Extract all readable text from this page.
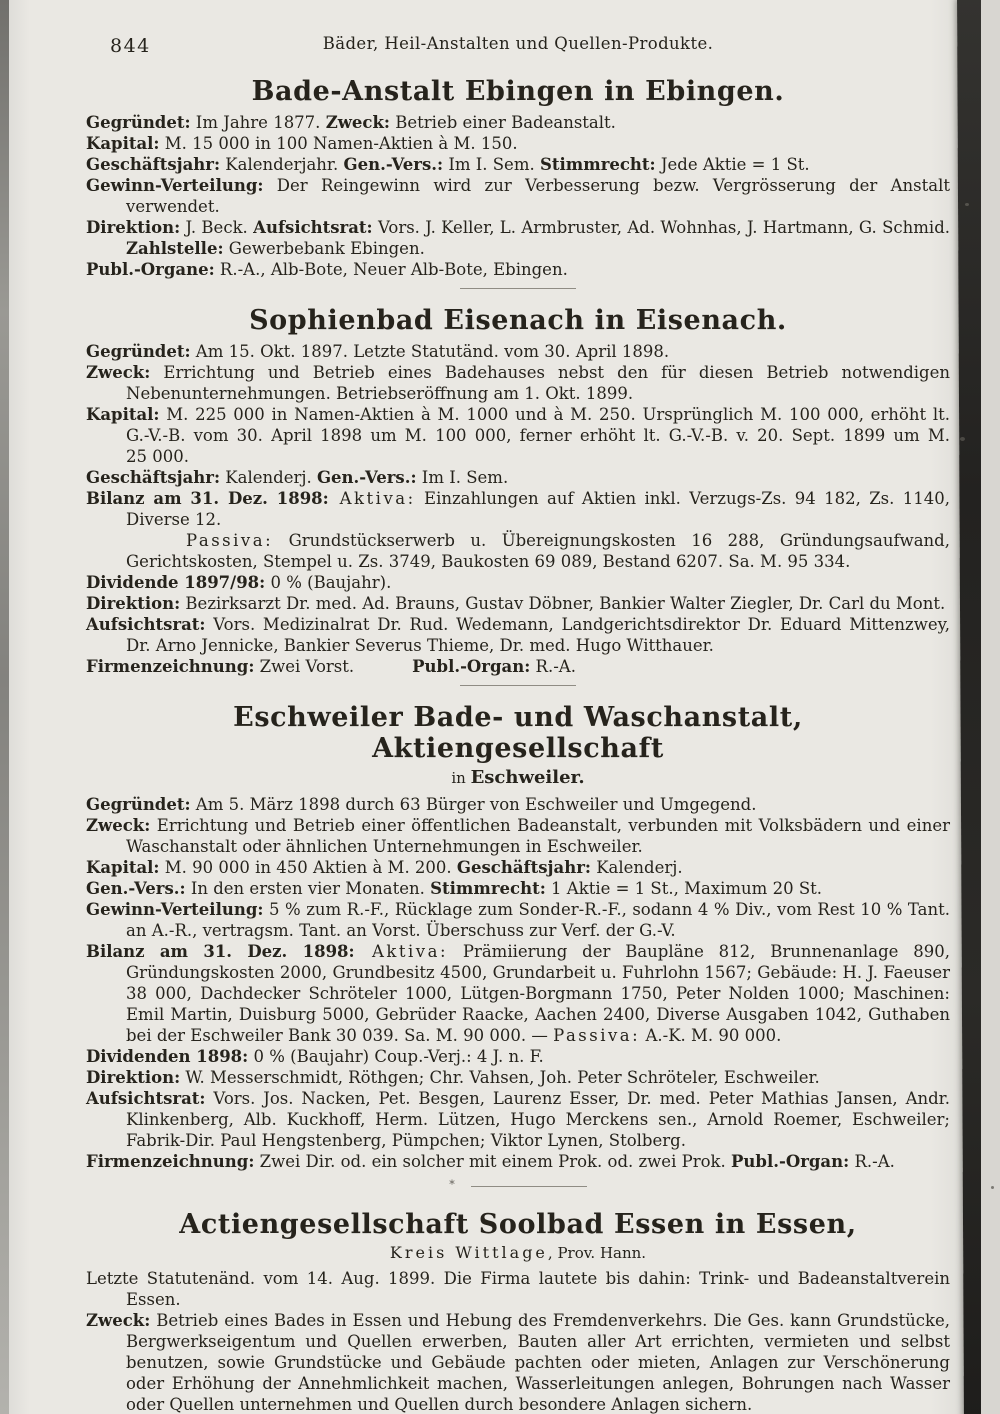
844	Bäder, Heil-Anstalten und Quellen-Produkte.
Bade-Anstalt Ebingen in Ebingen.

Gegründet: Im Jahre 1877. Zweck: Betrieb einer Badeanstalt.

Kapital: M. 15 000 in 100 Namen-Aktien à M. 150.

Geschäftsjahr: Kalenderjahr. Gen.-Vers.: Im I. Sem. Stimmrecht: Jede Aktie = 1 St.

Gewinn-Verteilung: Der Reingewinn wird zur Verbesserung bezw. Vergrösserung der Anstalt verwendet.

Direktion: J. Beck. Aufsichtsrat: Vors. J. Keller, L. Armbruster, Ad. Wohnhas, J. Hartmann, G. Schmid. Zahlstelle: Gewerbebank Ebingen.

Publ.-Organe: R.-A., Alb-Bote, Neuer Alb-Bote, Ebingen.

Sophienbad Eisenach in Eisenach.

Gegründet: Am 15. Okt. 1897. Letzte Statutänd. vom 30. April 1898.

Zweck: Errichtung und Betrieb eines Badehauses nebst den für diesen Betrieb notwendigen Nebenunternehmungen. Betriebseröffnung am 1. Okt. 1899.

Kapital: M. 225 000 in Namen-Aktien à M. 1000 und à M. 250. Ursprünglich M. 100 000, erhöht lt. G.-V.-B. vom 30. April 1898 um M. 100 000, ferner erhöht lt. G.-V.-B. v. 20. Sept. 1899 um M. 25 000.

Geschäftsjahr: Kalenderj. Gen.-Vers.: Im I. Sem.

Bilanz am 31. Dez. 1898: Aktiva: Einzahlungen auf Aktien inkl. Verzugs-Zs. 94 182, Zs. 1140, Diverse 12.

Passiva: Grundstückserwerb u. Übereignungskosten 16 288, Gründungsaufwand, Gerichtskosten, Stempel u. Zs. 3749, Baukosten 69 089, Bestand 6207. Sa. M. 95 334.

Dividende 1897/98: 0 % (Baujahr).

Direktion: Bezirksarzt Dr. med. Ad. Brauns, Gustav Döbner, Bankier Walter Ziegler, Dr. Carl du Mont.

Aufsichtsrat: Vors. Medizinalrat Dr. Rud. Wedemann, Landgerichtsdirektor Dr. Eduard Mittenzwey, Dr. Arno Jennicke, Bankier Severus Thieme, Dr. med. Hugo Witthauer.

Firmenzeichnung: Zwei Vorst.	Publ.-Organ: R.-A.

Eschweiler Bade- und Waschanstalt, Aktiengesellschaft
in Eschweiler.

Gegründet: Am 5. März 1898 durch 63 Bürger von Eschweiler und Umgegend.

Zweck: Errichtung und Betrieb einer öffentlichen Badeanstalt, verbunden mit Volksbädern und einer Waschanstalt oder ähnlichen Unternehmungen in Eschweiler.

Kapital: M. 90 000 in 450 Aktien à M. 200. Geschäftsjahr: Kalenderj.

Gen.-Vers.: In den ersten vier Monaten. Stimmrecht: 1 Aktie = 1 St., Maximum 20 St.

Gewinn-Verteilung: 5 % zum R.-F., Rücklage zum Sonder-R.-F., sodann 4 % Div., vom Rest 10 % Tant. an A.-R., vertragsm. Tant. an Vorst. Überschuss zur Verf. der G.-V.

Bilanz am 31. Dez. 1898: Aktiva: Prämiierung der Baupläne 812, Brunnenanlage 890, Gründungskosten 2000, Grundbesitz 4500, Grundarbeit u. Fuhrlohn 1567; Gebäude: H. J. Faeuser 38 000, Dachdecker Schröteler 1000, Lütgen-Borgmann 1750, Peter Nolden 1000; Maschinen: Emil Martin, Duisburg 5000, Gebrüder Raacke, Aachen 2400, Diverse Ausgaben 1042, Guthaben bei der Eschweiler Bank 30 039. Sa. M. 90 000. — Passiva: A.-K. M. 90 000.

Dividenden 1898: 0 % (Baujahr) Coup.-Verj.: 4 J. n. F.

Direktion: W. Messerschmidt, Röthgen; Chr. Vahsen, Joh. Peter Schröteler, Eschweiler.

Aufsichtsrat: Vors. Jos. Nacken, Pet. Besgen, Laurenz Esser, Dr. med. Peter Mathias Jansen, Andr. Klinkenberg, Alb. Kuckhoff, Herm. Lützen, Hugo Merckens sen., Arnold Roemer, Eschweiler; Fabrik-Dir. Paul Hengstenberg, Pümpchen; Viktor Lynen, Stolberg.

Firmenzeichnung: Zwei Dir. od. ein solcher mit einem Prok. od. zwei Prok. Publ.-Organ: R.-A.

*
Actiengesellschaft Soolbad Essen in Essen,
Kreis Wittlage, Prov. Hann.

Letzte Statutenänd. vom 14. Aug. 1899. Die Firma lautete bis dahin: Trink- und Badeanstaltverein Essen.

Zweck: Betrieb eines Bades in Essen und Hebung des Fremdenverkehrs. Die Ges. kann Grundstücke, Bergwerkseigentum und Quellen erwerben, Bauten aller Art errichten, vermieten und selbst benutzen, sowie Grundstücke und Gebäude pachten oder mieten, Anlagen zur Verschönerung oder Erhöhung der Annehmlichkeit machen, Wasserleitungen anlegen, Bohrungen nach Wasser oder Quellen unternehmen und Quellen durch besondere Anlagen sichern.
